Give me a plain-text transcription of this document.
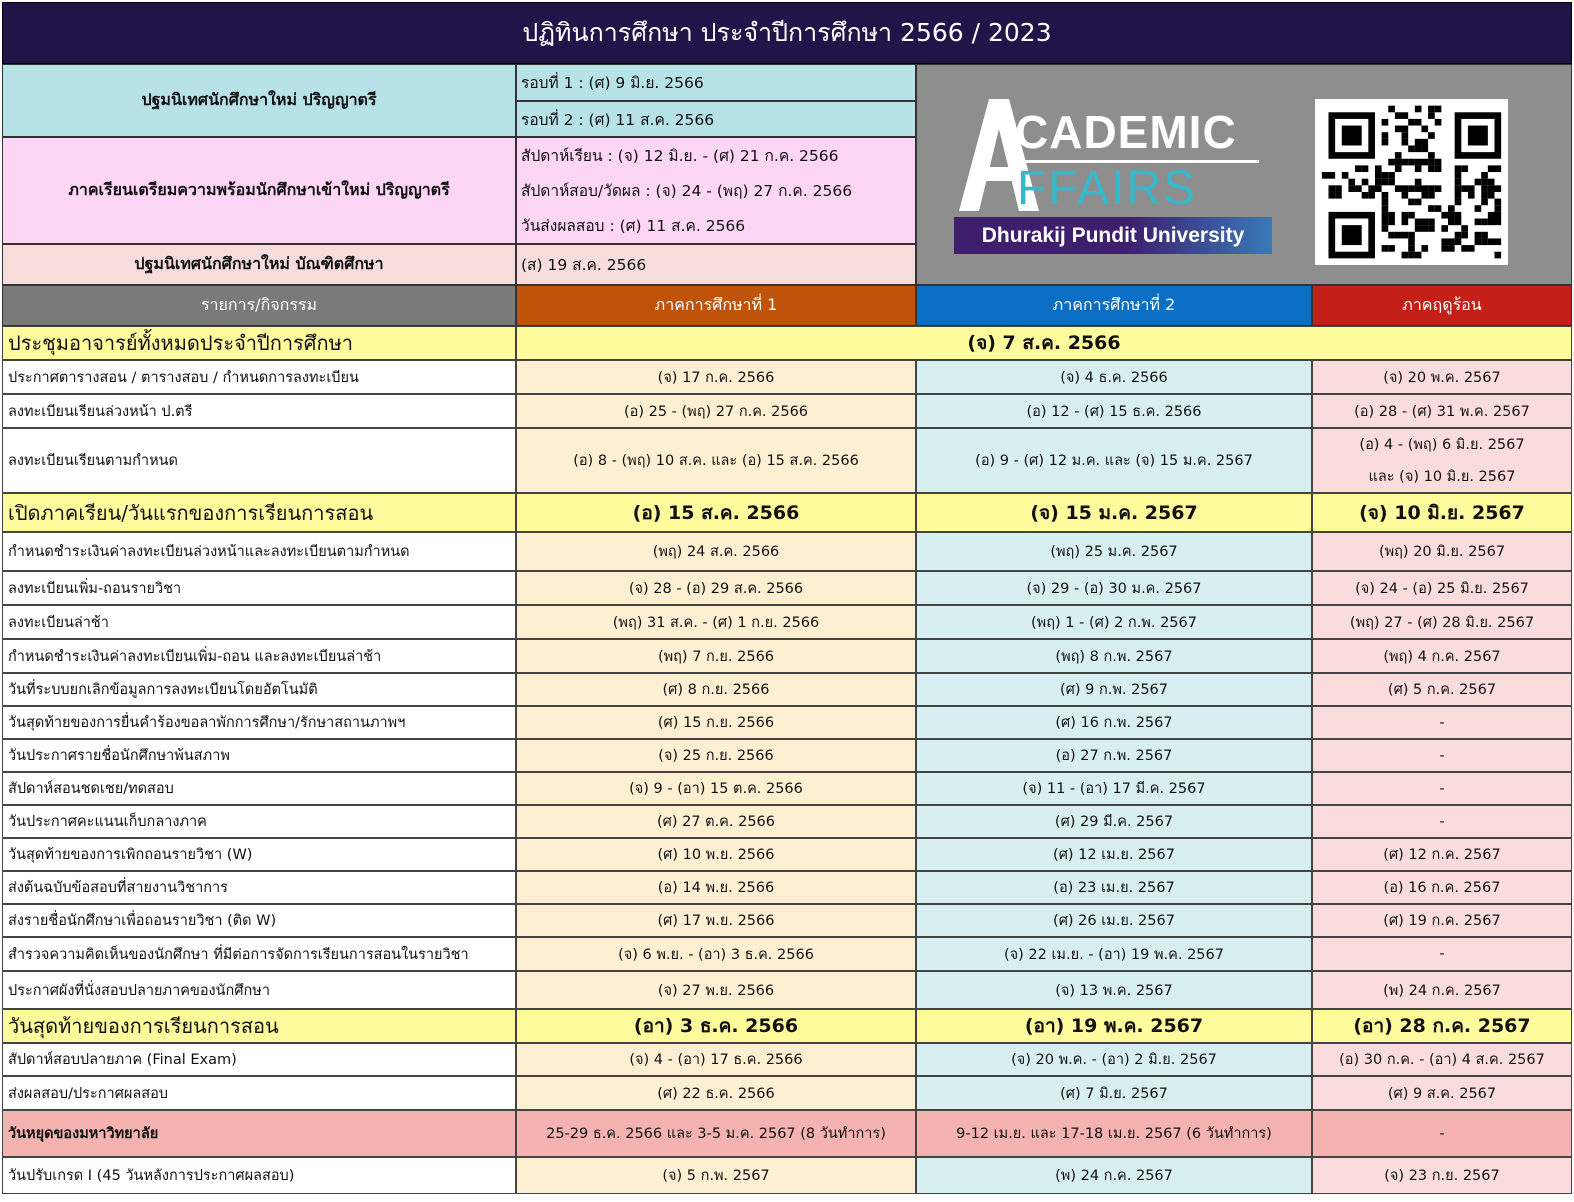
ปฏิทินการศึกษา ประจำปีการศึกษา 2566 / 2023
ปฐมนิเทศนักศึกษาใหม่ ปริญญาตรี
รอบที่ 1 : (ศ) 9 มิ.ย. 2566
รอบที่ 2 : (ศ) 11 ส.ค. 2566
ภาคเรียนเตรียมความพร้อมนักศึกษาเข้าใหม่ ปริญญาตรี
สัปดาห์เรียน : (จ) 12 มิ.ย. - (ศ) 21 ก.ค. 2566
สัปดาห์สอบ/วัดผล : (จ) 24 - (พฤ) 27 ก.ค. 2566
วันส่งผลสอบ : (ศ) 11 ส.ค. 2566
ปฐมนิเทศนักศึกษาใหม่ บัณฑิตศึกษา	(ส) 19 ส.ค. 2566
CADEMIC
FFAIRS
Dhurakij Pundit University
รายการ/กิจกรรม	ภาคการศึกษาที่ 1	ภาคการศึกษาที่ 2	ภาคฤดูร้อน
ประชุมอาจารย์ทั้งหมดประจำปีการศึกษา	(จ) 7 ส.ค. 2566
ประกาศตารางสอน / ตารางสอบ / กำหนดการลงทะเบียน	(จ) 17 ก.ค. 2566	(จ) 4 ธ.ค. 2566	(จ) 20 พ.ค. 2567
ลงทะเบียนเรียนล่วงหน้า ป.ตรี	(อ) 25 - (พฤ) 27 ก.ค. 2566	(อ) 12 - (ศ) 15 ธ.ค. 2566	(อ) 28 - (ศ) 31 พ.ค. 2567
ลงทะเบียนเรียนตามกำหนด	(อ) 8 - (พฤ) 10 ส.ค. และ (อ) 15 ส.ค. 2566	(อ) 9 - (ศ) 12 ม.ค. และ (จ) 15 ม.ค. 2567
(อ) 4 - (พฤ) 6 มิ.ย. 2567
และ (จ) 10 มิ.ย. 2567
เปิดภาคเรียน/วันแรกของการเรียนการสอน	(อ) 15 ส.ค. 2566	(จ) 15 ม.ค. 2567	(จ) 10 มิ.ย. 2567
กำหนดชำระเงินค่าลงทะเบียนล่วงหน้าและลงทะเบียนตามกำหนด	(พฤ) 24 ส.ค. 2566	(พฤ) 25 ม.ค. 2567	(พฤ) 20 มิ.ย. 2567
ลงทะเบียนเพิ่ม-ถอนรายวิชา	(จ) 28 - (อ) 29 ส.ค. 2566	(จ) 29 - (อ) 30 ม.ค. 2567	(จ) 24 - (อ) 25 มิ.ย. 2567
ลงทะเบียนล่าช้า	(พฤ) 31 ส.ค. - (ศ) 1 ก.ย. 2566	(พฤ) 1 - (ศ) 2 ก.พ. 2567	(พฤ) 27 - (ศ) 28 มิ.ย. 2567
กำหนดชำระเงินค่าลงทะเบียนเพิ่ม-ถอน และลงทะเบียนล่าช้า	(พฤ) 7 ก.ย. 2566	(พฤ) 8 ก.พ. 2567	(พฤ) 4 ก.ค. 2567
วันที่ระบบยกเลิกข้อมูลการลงทะเบียนโดยอัตโนมัติ	(ศ) 8 ก.ย. 2566	(ศ) 9 ก.พ. 2567	(ศ) 5 ก.ค. 2567
วันสุดท้ายของการยื่นคำร้องขอลาพักการศึกษา/รักษาสถานภาพฯ	(ศ) 15 ก.ย. 2566	(ศ) 16 ก.พ. 2567	-
วันประกาศรายชื่อนักศึกษาพ้นสภาพ	(จ) 25 ก.ย. 2566	(อ) 27 ก.พ. 2567	-
สัปดาห์สอนชดเชย/ทดสอบ	(จ) 9 - (อา) 15 ต.ค. 2566	(จ) 11 - (อา) 17 มี.ค. 2567	-
วันประกาศคะแนนเก็บกลางภาค	(ศ) 27 ต.ค. 2566	(ศ) 29 มี.ค. 2567	-
วันสุดท้ายของการเพิกถอนรายวิชา (W)	(ศ) 10 พ.ย. 2566	(ศ) 12 เม.ย. 2567	(ศ) 12 ก.ค. 2567
ส่งต้นฉบับข้อสอบที่สายงานวิชาการ	(อ) 14 พ.ย. 2566	(อ) 23 เม.ย. 2567	(อ) 16 ก.ค. 2567
ส่งรายชื่อนักศึกษาเพื่อถอนรายวิชา (ติด W)	(ศ) 17 พ.ย. 2566	(ศ) 26 เม.ย. 2567	(ศ) 19 ก.ค. 2567
สำรวจความคิดเห็นของนักศึกษา ที่มีต่อการจัดการเรียนการสอนในรายวิชา	(จ) 6 พ.ย. - (อา) 3 ธ.ค. 2566	(จ) 22 เม.ย. - (อา) 19 พ.ค. 2567	-
ประกาศผังที่นั่งสอบปลายภาคของนักศึกษา	(จ) 27 พ.ย. 2566	(จ) 13 พ.ค. 2567	(พ) 24 ก.ค. 2567
วันสุดท้ายของการเรียนการสอน	(อา) 3 ธ.ค. 2566	(อา) 19 พ.ค. 2567	(อา) 28 ก.ค. 2567
สัปดาห์สอบปลายภาค (Final Exam)	(จ) 4 - (อา) 17 ธ.ค. 2566	(จ) 20 พ.ค. - (อา) 2 มิ.ย. 2567	(อ) 30 ก.ค. - (อา) 4 ส.ค. 2567
ส่งผลสอบ/ประกาศผลสอบ	(ศ) 22 ธ.ค. 2566	(ศ) 7 มิ.ย. 2567	(ศ) 9 ส.ค. 2567
วันหยุดของมหาวิทยาลัย	25-29 ธ.ค. 2566 และ 3-5 ม.ค. 2567 (8 วันทำการ)	9-12 เม.ย. และ 17-18 เม.ย. 2567 (6 วันทำการ)	-
วันปรับเกรด I (45 วันหลังการประกาศผลสอบ)	(จ) 5 ก.พ. 2567	(พ) 24 ก.ค. 2567	(จ) 23 ก.ย. 2567
